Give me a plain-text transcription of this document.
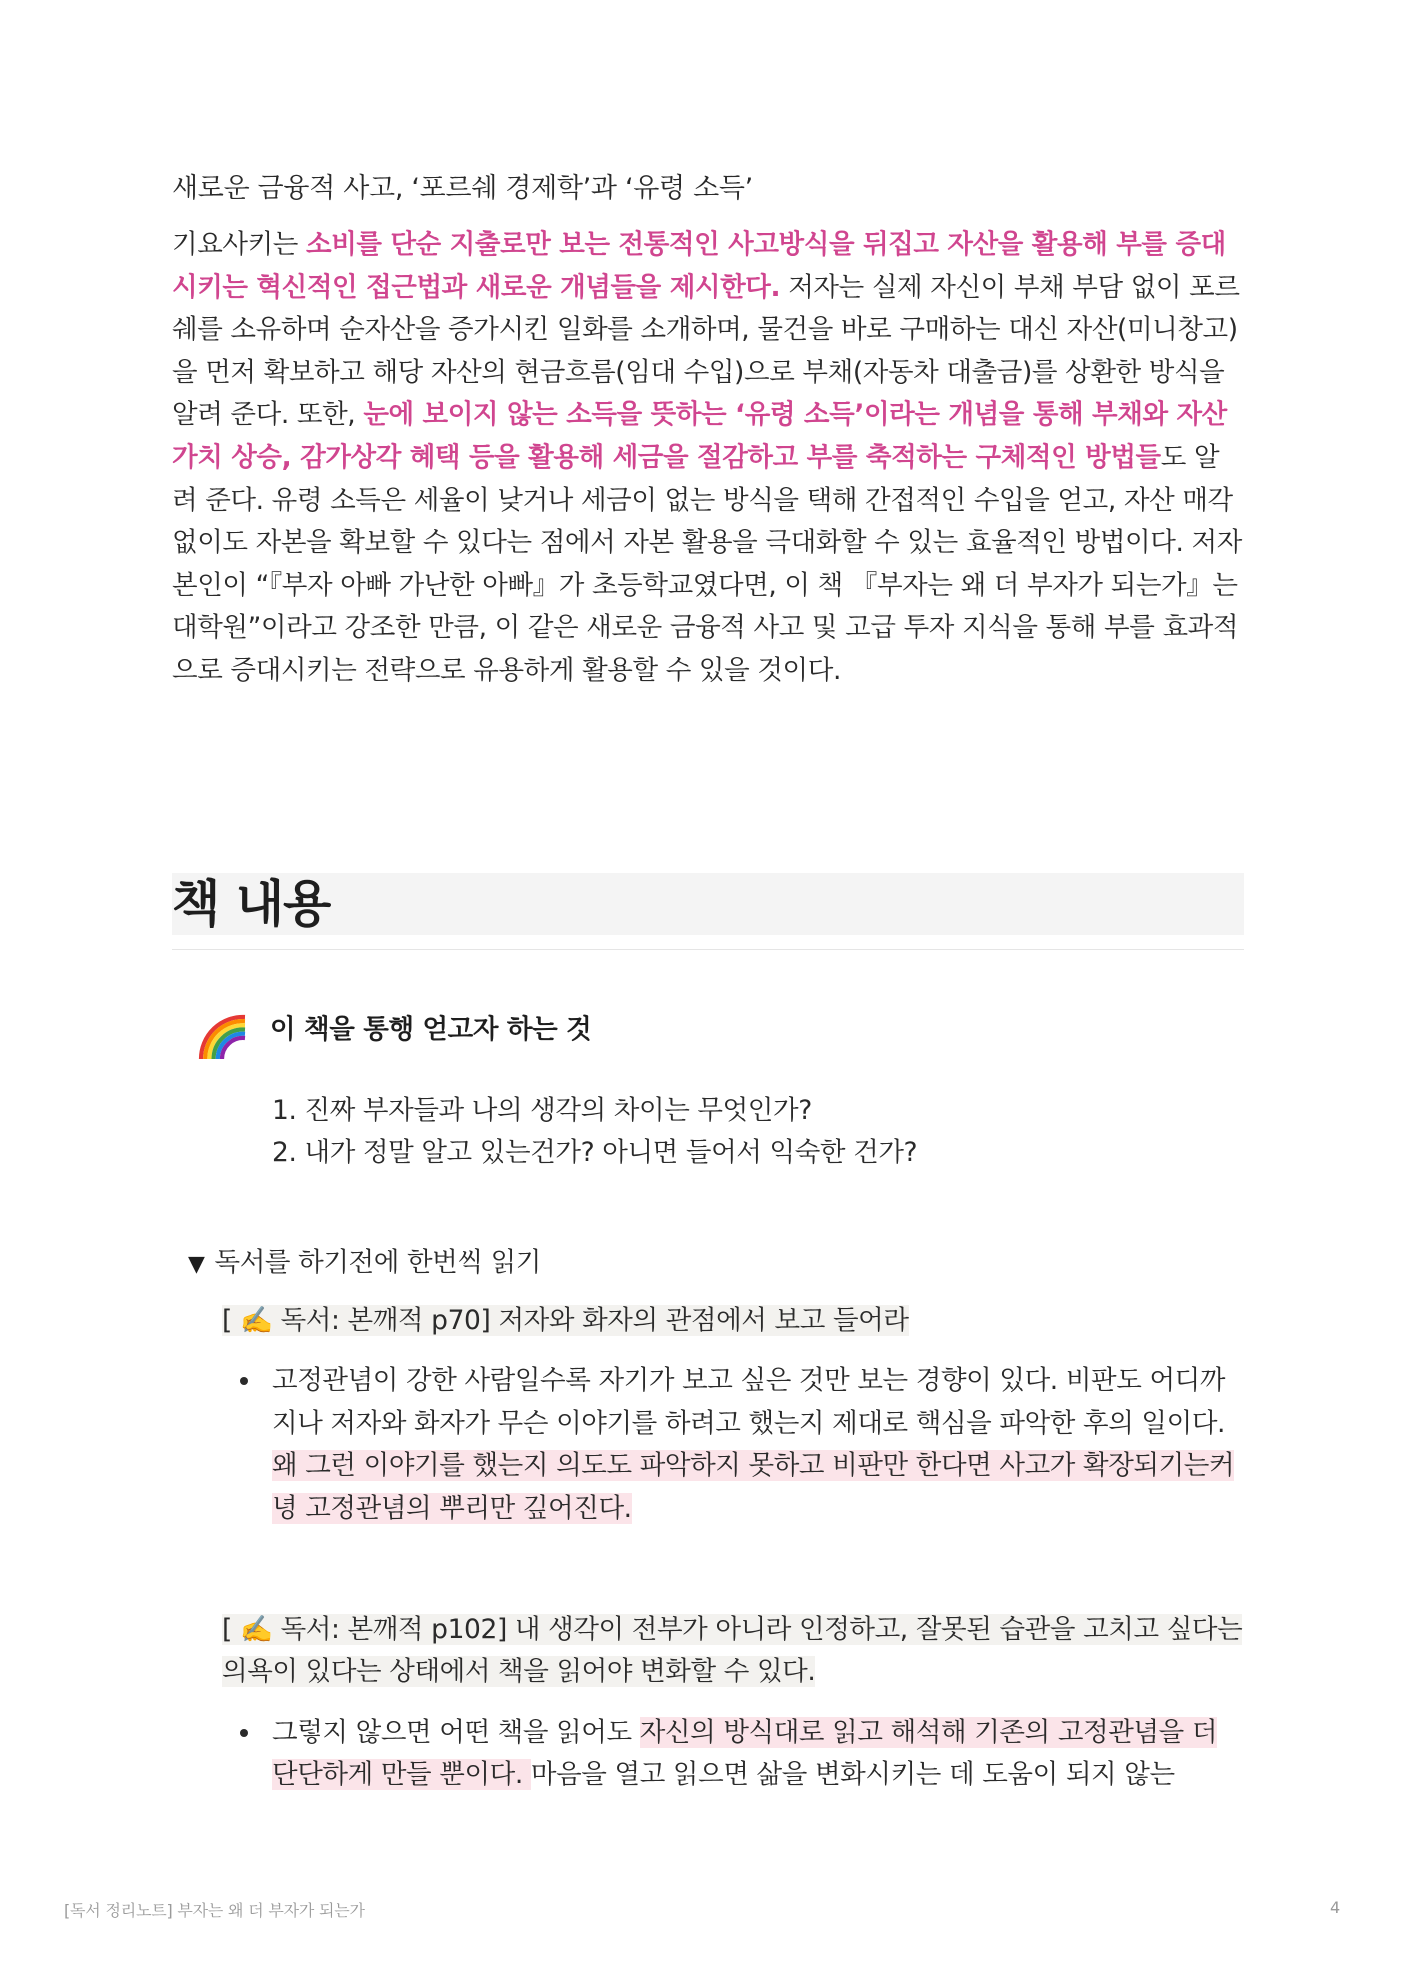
새로운 금융적 사고, ‘포르쉐 경제학’과 ‘유령 소득’

기요사키는 소비를 단순 지출로만 보는 전통적인 사고방식을 뒤집고 자산을 활용해 부를 증대시키는 혁신적인 접근법과 새로운 개념들을 제시한다. 저자는 실제 자신이 부채 부담 없이 포르쉐를 소유하며 순자산을 증가시킨 일화를 소개하며, 물건을 바로 구매하는 대신 자산(미니창고)을 먼저 확보하고 해당 자산의 현금흐름(임대 수입)으로 부채(자동차 대출금)를 상환한 방식을 알려 준다. 또한, 눈에 보이지 않는 소득을 뜻하는 ‘유령 소득’이라는 개념을 통해 부채와 자산 가치 상승, 감가상각 혜택 등을 활용해 세금을 절감하고 부를 축적하는 구체적인 방법들도 알려 준다. 유령 소득은 세율이 낮거나 세금이 없는 방식을 택해 간접적인 수입을 얻고, 자산 매각 없이도 자본을 확보할 수 있다는 점에서 자본 활용을 극대화할 수 있는 효율적인 방법이다. 저자 본인이 “『부자 아빠 가난한 아빠』가 초등학교였다면, 이 책 『부자는 왜 더 부자가 되는가』는 대학원”이라고 강조한 만큼, 이 같은 새로운 금융적 사고 및 고급 투자 지식을 통해 부를 효과적으로 증대시키는 전략으로 유용하게 활용할 수 있을 것이다.

책 내용
이 책을 통행 얻고자 하는 것
1. 진짜 부자들과 나의 생각의 차이는 무엇인가?
2. 내가 정말 알고 있는건가? 아니면 들어서 익숙한 건가?
▼ 독서를 하기전에 한번씩 읽기

[ ✍️ 독서: 본깨적 p70] 저자와 화자의 관점에서 보고 들어라

고정관념이 강한 사람일수록 자기가 보고 싶은 것만 보는 경향이 있다. 비판도 어디까지나 저자와 화자가 무슨 이야기를 하려고 했는지 제대로 핵심을 파악한 후의 일이다. 왜 그런 이야기를 했는지 의도도 파악하지 못하고 비판만 한다면 사고가 확장되기는커녕 고정관념의 뿌리만 깊어진다.

[ ✍️ 독서: 본깨적 p102] 내 생각이 전부가 아니라 인정하고, 잘못된 습관을 고치고 싶다는 의욕이 있다는 상태에서 책을 읽어야 변화할 수 있다.

그렇지 않으면 어떤 책을 읽어도 자신의 방식대로 읽고 해석해 기존의 고정관념을 더 단단하게 만들 뿐이다. 마음을 열고 읽으면 삶을 변화시키는 데 도움이 되지 않는
[독서 정리노트] 부자는 왜 더 부자가 되는가	4
